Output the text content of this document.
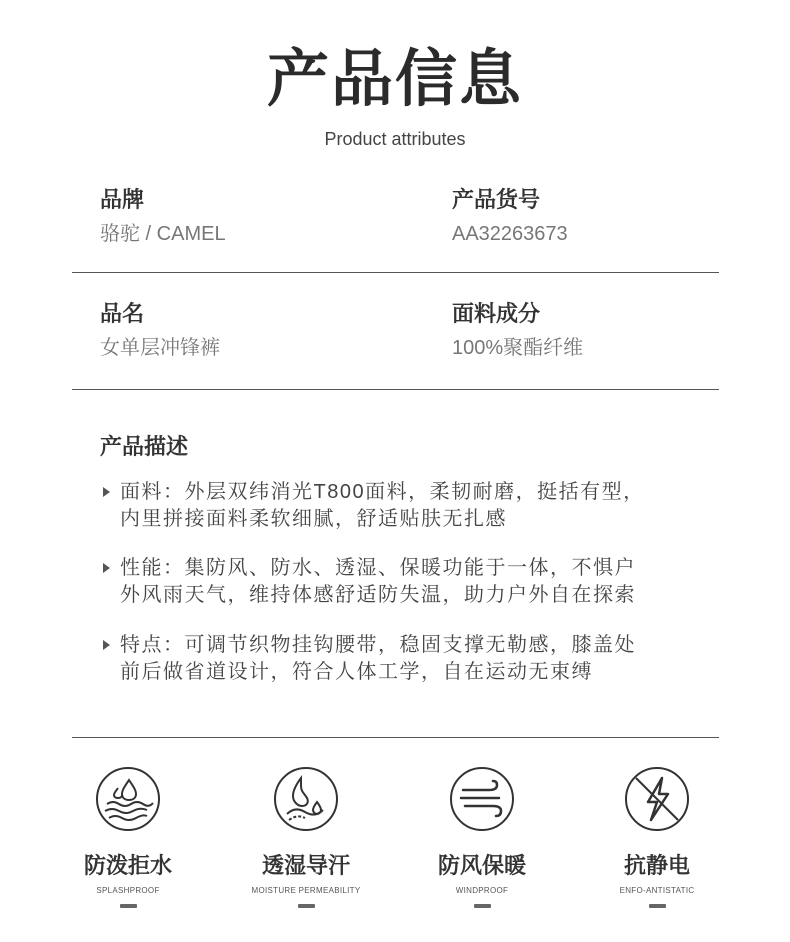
产品信息
Product attributes
品牌
骆驼 / CAMEL
产品货号
AA32263673
品名
女单层冲锋裤
面料成分
100%聚酯纤维
产品描述
面料：外层双纬消光T800面料，柔韧耐磨，挺括有型，
内里拼接面料柔软细腻，舒适贴肤无扎感
性能：集防风、防水、透湿、保暖功能于一体，不惧户
外风雨天气，维持体感舒适防失温，助力户外自在探索
特点：可调节织物挂钩腰带，稳固支撑无勒感，膝盖处
前后做省道设计，符合人体工学，自在运动无束缚
防泼拒水
SPLASHPROOF
透湿导汗
MOISTURE PERMEABILITY
防风保暖
WINDPROOF
抗静电
ENFO-ANTISTATIC
